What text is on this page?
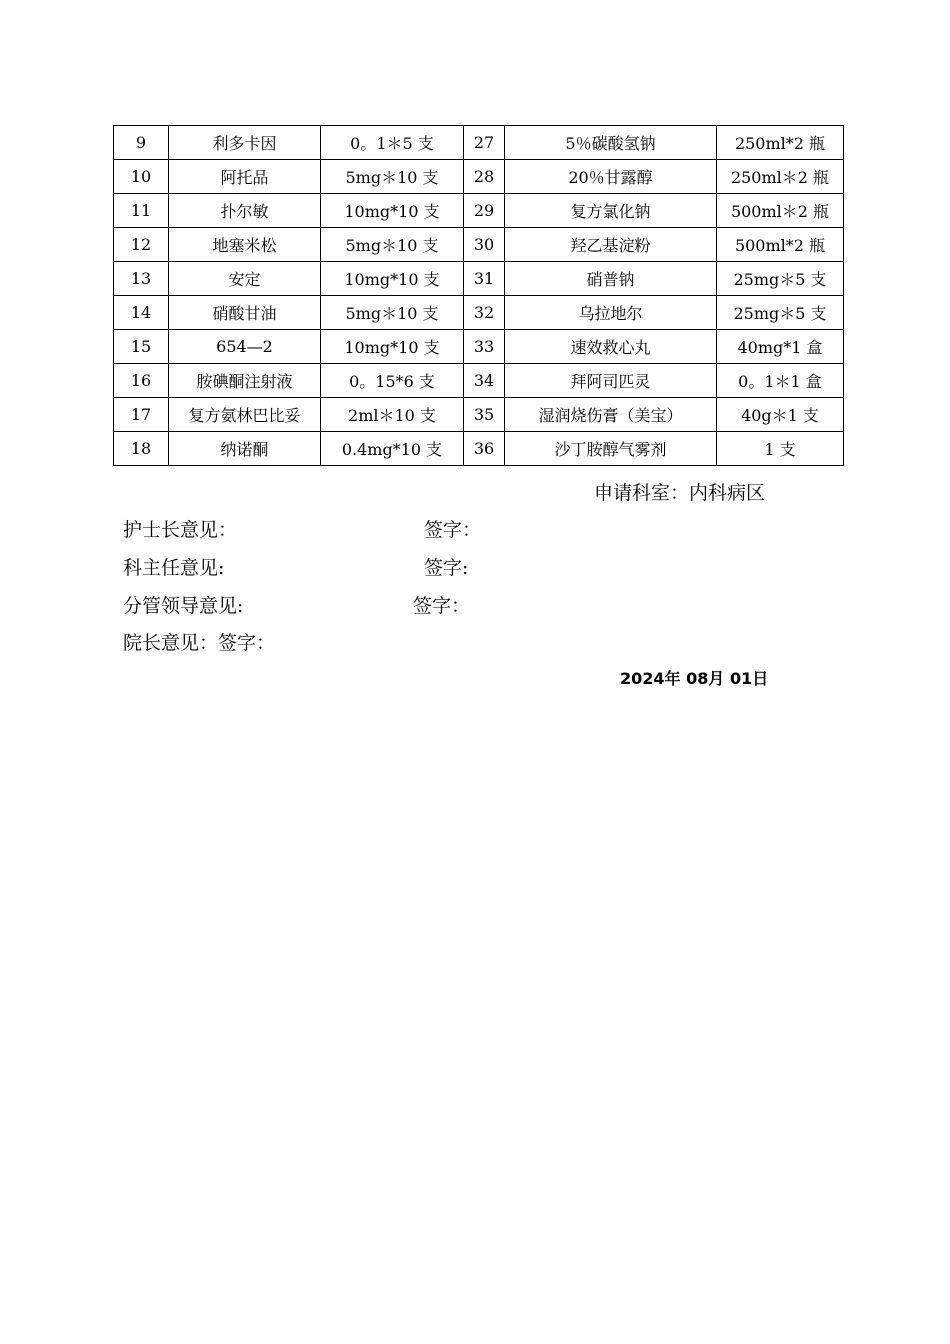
9	利多卡因	0。1＊5 支	27	5％碳酸氢钠	250ml*2 瓶
10	阿托品	5mg＊10 支	28	20％甘露醇	250ml＊2 瓶
11	扑尔敏	10mg*10 支	29	复方氯化钠	500ml＊2 瓶
12	地塞米松	5mg＊10 支	30	羟乙基淀粉	500ml*2 瓶
13	安定	10mg*10 支	31	硝普钠	25mg＊5 支
14	硝酸甘油	5mg＊10 支	32	乌拉地尔	25mg＊5 支
15	654—2	10mg*10 支	33	速效救心丸	40mg*1 盒
16	胺碘酮注射液	0。15*6 支	34	拜阿司匹灵	0。1＊1 盒
17	复方氨林巴比妥	2ml＊10 支	35	湿润烧伤膏（美宝）	40g＊1 支
18	纳诺酮	0.4mg*10 支	36	沙丁胺醇气雾剂	1 支
申请科室：内科病区
护士长意见：	签字：
科主任意见:	签字:
分管领导意见:	签字：
院长意见：签字：
2024年 08月 01日
